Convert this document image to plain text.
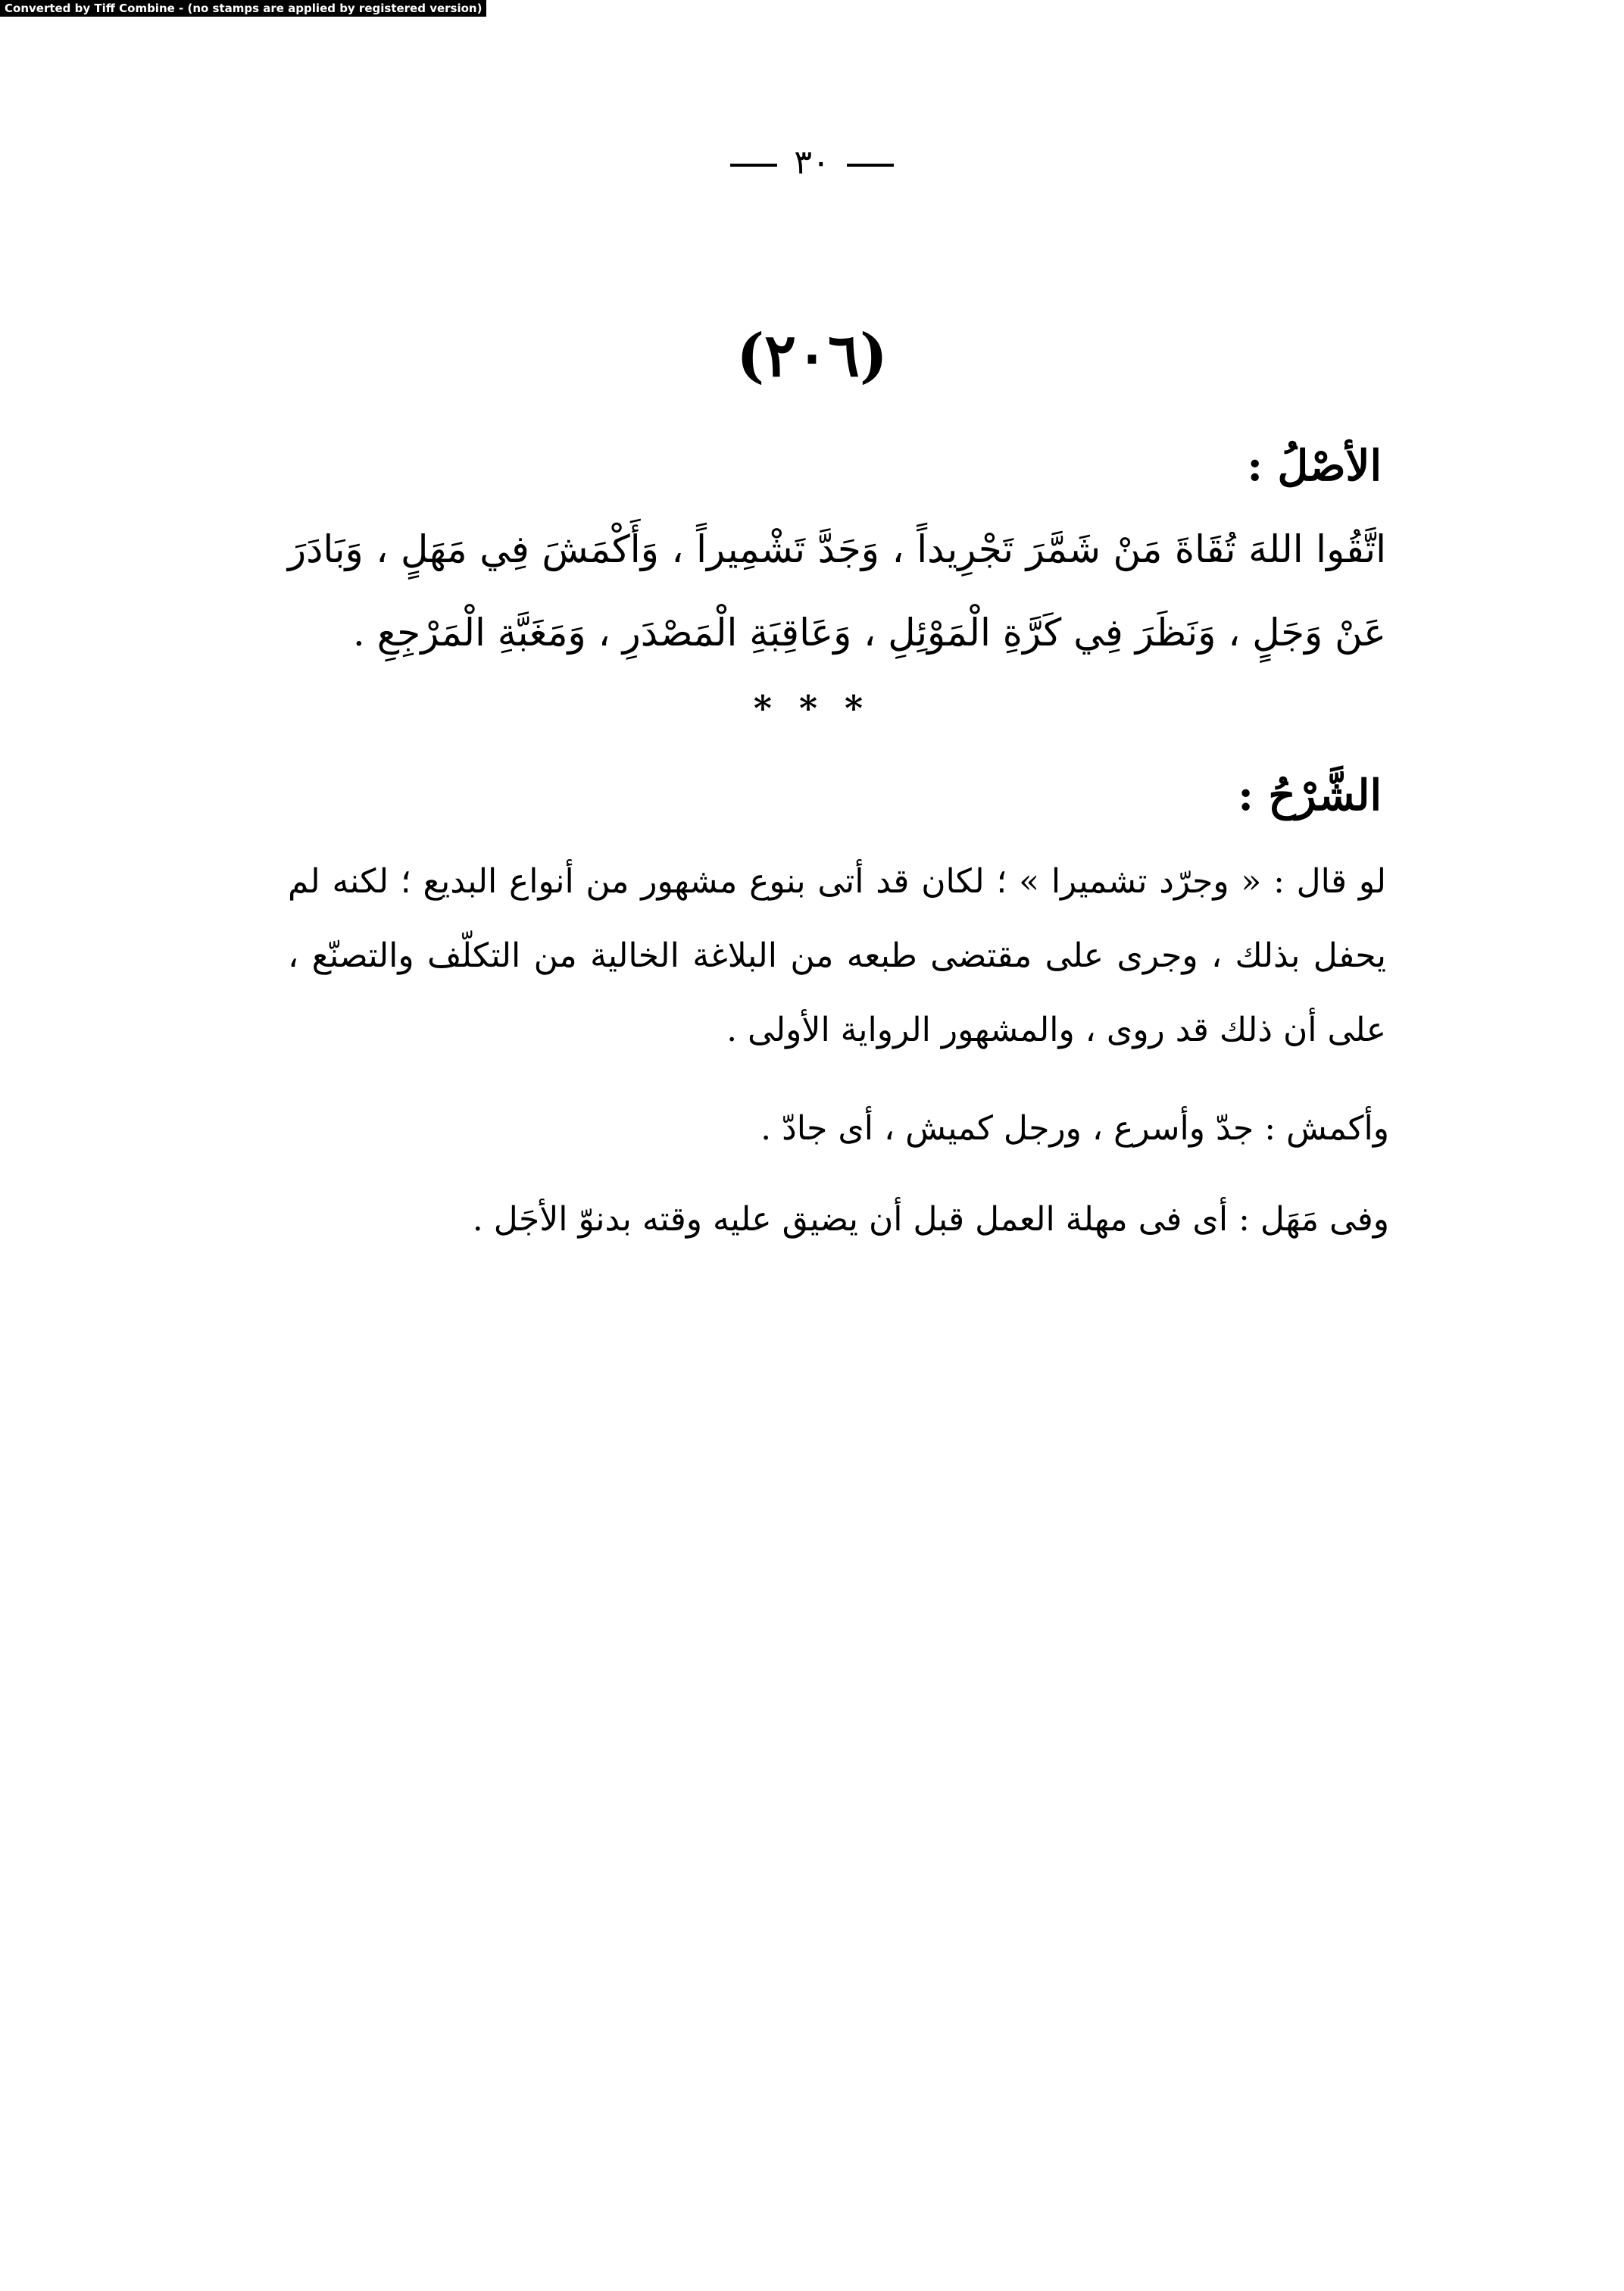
Converted by Tiff Combine - (no stamps are applied by registered version)
٣٠
(٢٠٦)
الأصْلُ :
اتَّقُوا اللهَ تُقَاةَ مَنْ شَمَّرَ تَجْرِيداً ، وَجَدَّ تَشْمِيراً ، وَأَكْمَشَ فِي مَهَلٍ ، وَبَادَرَ عَنْ وَجَلٍ ، وَنَظَرَ فِي كَرَّةِ الْمَوْئِلِ ، وَعَاقِبَةِ الْمَصْدَرِ ، وَمَغَبَّةِ الْمَرْجِعِ .
* * *
الشَّرْحُ :
لو قال : « وجرّد تشميرا » ؛ لكان قد أتى بنوع مشهور من أنواع البديع ؛ لكنه لم يحفل بذلك ، وجرى على مقتضى طبعه من البلاغة الخالية من التكلّف والتصنّع ، على أن ذلك قد روى ، والمشهور الرواية الأولى .
وأكمش : جدّ وأسرع ، ورجل كميش ، أى جادّ .
وفى مَهَل : أى فى مهلة العمل قبل أن يضيق عليه وقته بدنوّ الأجَل .
